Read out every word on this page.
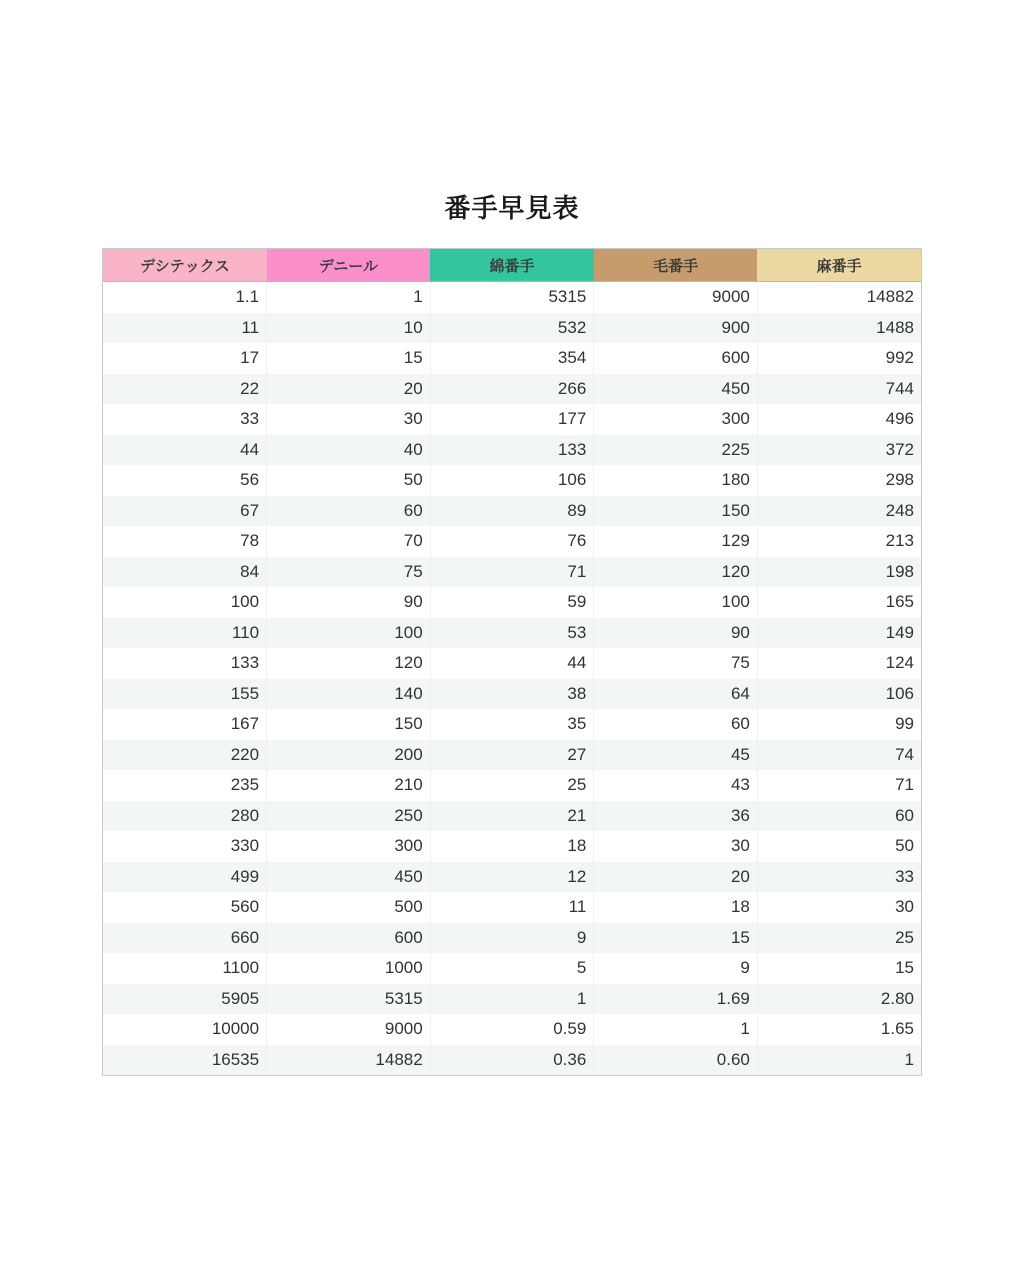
番手早見表
デシテックス	デニール	綿番手	毛番手	麻番手
1.1	1	5315	9000	14882
11	10	532	900	1488
17	15	354	600	992
22	20	266	450	744
33	30	177	300	496
44	40	133	225	372
56	50	106	180	298
67	60	89	150	248
78	70	76	129	213
84	75	71	120	198
100	90	59	100	165
110	100	53	90	149
133	120	44	75	124
155	140	38	64	106
167	150	35	60	99
220	200	27	45	74
235	210	25	43	71
280	250	21	36	60
330	300	18	30	50
499	450	12	20	33
560	500	11	18	30
660	600	9	15	25
1100	1000	5	9	15
5905	5315	1	1.69	2.80
10000	9000	0.59	1	1.65
16535	14882	0.36	0.60	1
